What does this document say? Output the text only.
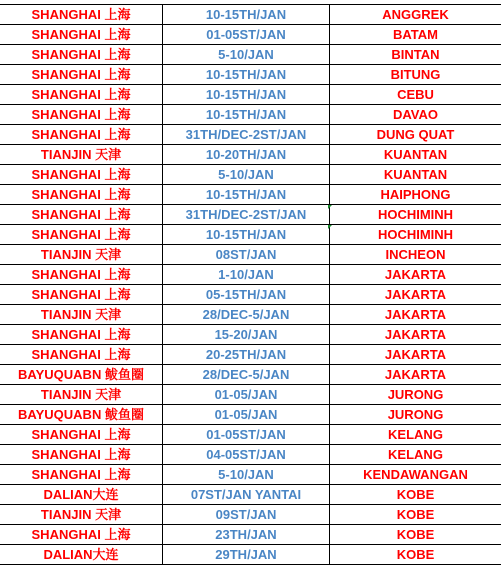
SHANGHAI 上海	10-15TH/JAN	ANGGREK
SHANGHAI 上海	01-05ST/JAN	BATAM
SHANGHAI 上海	5-10/JAN	BINTAN
SHANGHAI 上海	10-15TH/JAN	BITUNG
SHANGHAI 上海	10-15TH/JAN	CEBU
SHANGHAI 上海	10-15TH/JAN	DAVAO
SHANGHAI 上海	31TH/DEC-2ST/JAN	DUNG QUAT
TIANJIN 天津	10-20TH/JAN	KUANTAN
SHANGHAI 上海	5-10/JAN	KUANTAN
SHANGHAI 上海	10-15TH/JAN	HAIPHONG
SHANGHAI 上海	31TH/DEC-2ST/JAN	HOCHIMINH
SHANGHAI 上海	10-15TH/JAN	HOCHIMINH
TIANJIN 天津	08ST/JAN	INCHEON
SHANGHAI 上海	1-10/JAN	JAKARTA
SHANGHAI 上海	05-15TH/JAN	JAKARTA
TIANJIN 天津	28/DEC-5/JAN	JAKARTA
SHANGHAI 上海	15-20/JAN	JAKARTA
SHANGHAI 上海	20-25TH/JAN	JAKARTA
BAYUQUABN 鲅鱼圈	28/DEC-5/JAN	JAKARTA
TIANJIN 天津	01-05/JAN	JURONG
BAYUQUABN 鲅鱼圈	01-05/JAN	JURONG
SHANGHAI 上海	01-05ST/JAN	KELANG
SHANGHAI 上海	04-05ST/JAN	KELANG
SHANGHAI 上海	5-10/JAN	KENDAWANGAN
DALIAN大连	07ST/JAN YANTAI	KOBE
TIANJIN 天津	09ST/JAN	KOBE
SHANGHAI 上海	23TH/JAN	KOBE
DALIAN大连	29TH/JAN	KOBE
